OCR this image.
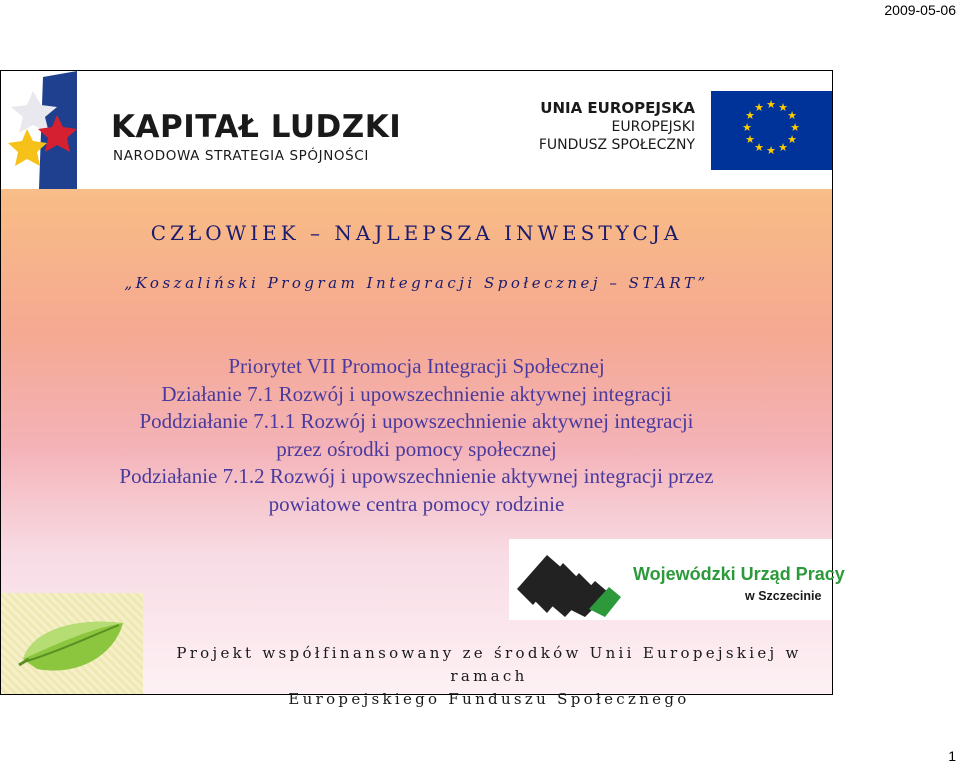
2009-05-06
KAPITAŁ LUDZKI
NARODOWA STRATEGIA SPÓJNOŚCI
UNIA EUROPEJSKA
EUROPEJSKI
FUNDUSZ SPOŁECZNY
★ ★
★
★
★
★
★
★
★
★
★
★
CZŁOWIEK – NAJLEPSZA INWESTYCJA
„Koszaliński Program Integracji Społecznej – START”
Priorytet VII Promocja Integracji Społecznej
Działanie 7.1 Rozwój i upowszechnienie aktywnej integracji
Poddziałanie 7.1.1 Rozwój i upowszechnienie aktywnej integracji
przez ośrodki pomocy społecznej
Podziałanie 7.1.2 Rozwój i upowszechnienie aktywnej integracji przez
powiatowe centra pomocy rodzinie
Wojewódzki Urząd Pracy
w Szczecinie
Projekt współfinansowany ze środków Unii Europejskiej w ramach
Europejskiego Funduszu Społecznego
1
